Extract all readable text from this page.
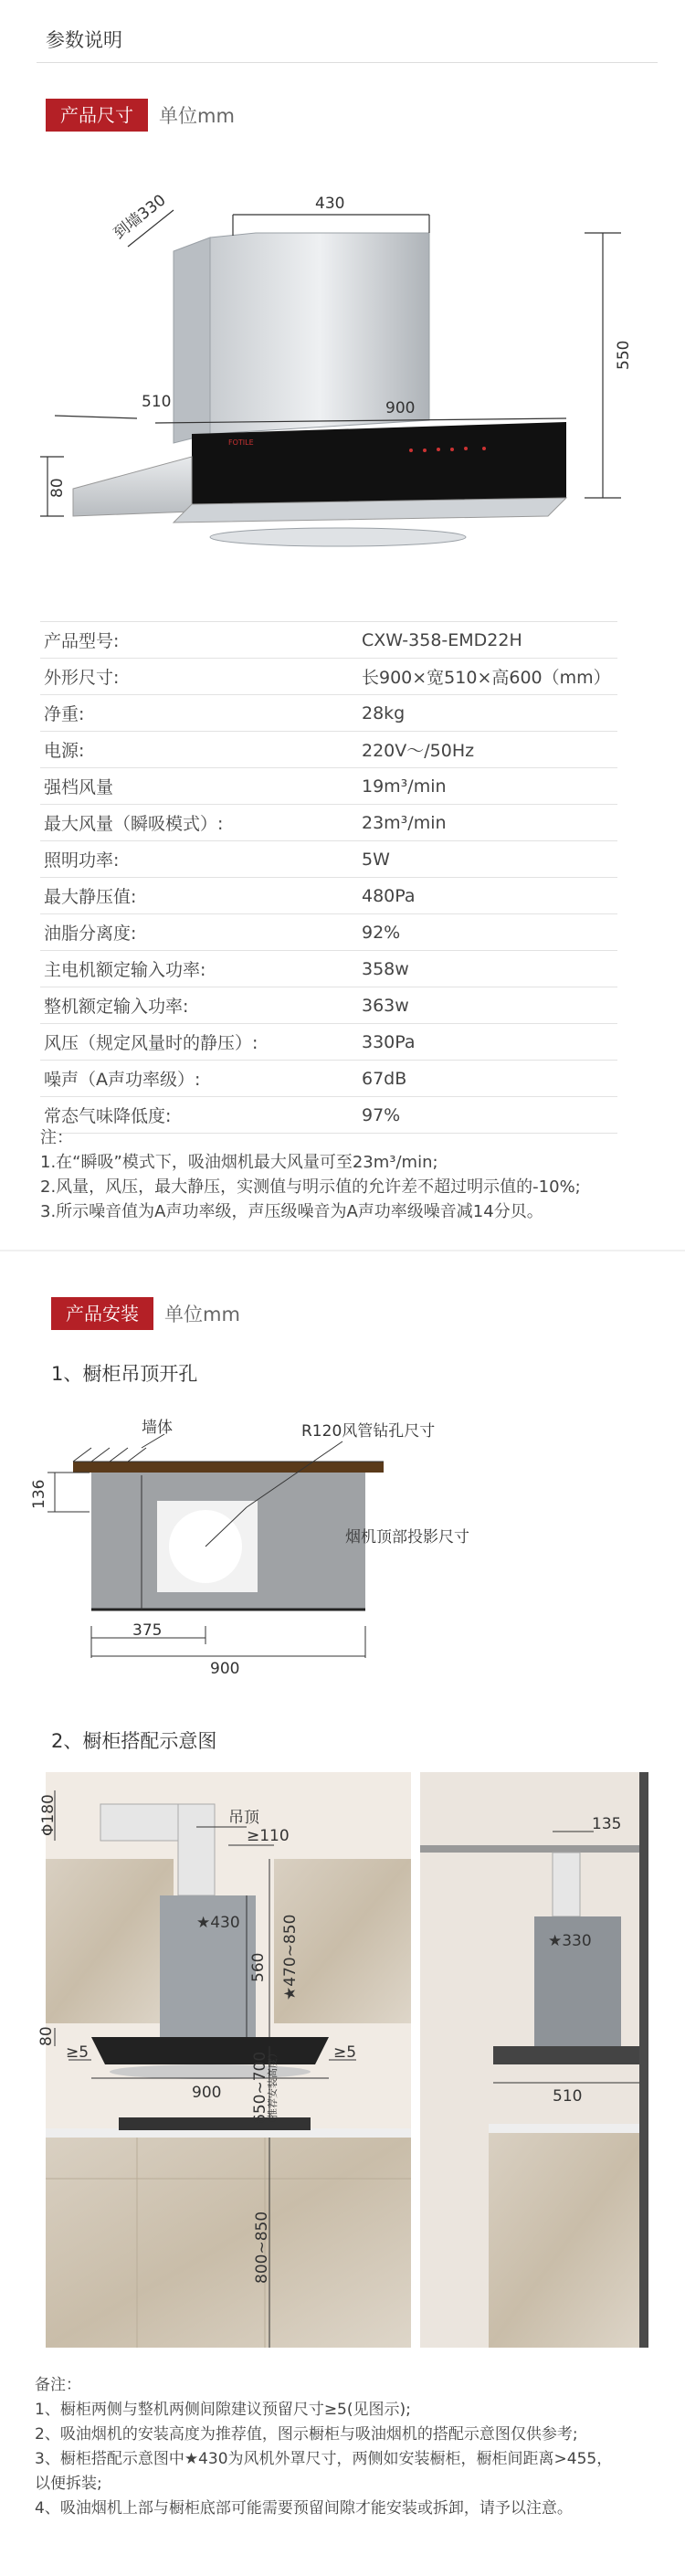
参数说明
产品尺寸	单位mm
FOTILE
到墙330	430
900
510
550
80
产品型号:	CXW-358-EMD22H
外形尺寸:	长900×宽510×高600（mm）
净重:	28kg
电源:	220V～/50Hz
强档风量	19m³/min
最大风量（瞬吸模式）:	23m³/min
照明功率:	5W
最大静压值:	480Pa
油脂分离度:	92%
主电机额定输入功率:	358w
整机额定输入功率:	363w
风压（规定风量时的静压）:	330Pa
噪声（A声功率级）:	67dB
常态气味降低度:	97%
注：
1.在“瞬吸”模式下，吸油烟机最大风量可至23m³/min;
2.风量，风压，最大静压，实测值与明示值的允许差不超过明示值的-10%;
3.所示噪音值为A声功率级，声压级噪音为A声功率级噪音减14分贝。
产品安装	单位mm
1、橱柜吊顶开孔
墙体	R120风管钻孔尺寸
烟机顶部投影尺寸
136
375
900
2、橱柜搭配示意图
Φ180	吊顶
≥110
★430
560 ★470~850
80
≥5	≥5
900 650~700
（推荐安装高度）
800~850
135
★330
510
备注：
1、橱柜两侧与整机两侧间隙建议预留尺寸≥5(见图示);
2、吸油烟机的安装高度为推荐值，图示橱柜与吸油烟机的搭配示意图仅供参考;
3、橱柜搭配示意图中★430为风机外罩尺寸，两侧如安装橱柜，橱柜间距离>455，
以便拆装;
4、吸油烟机上部与橱柜底部可能需要预留间隙才能安装或拆卸，请予以注意。
